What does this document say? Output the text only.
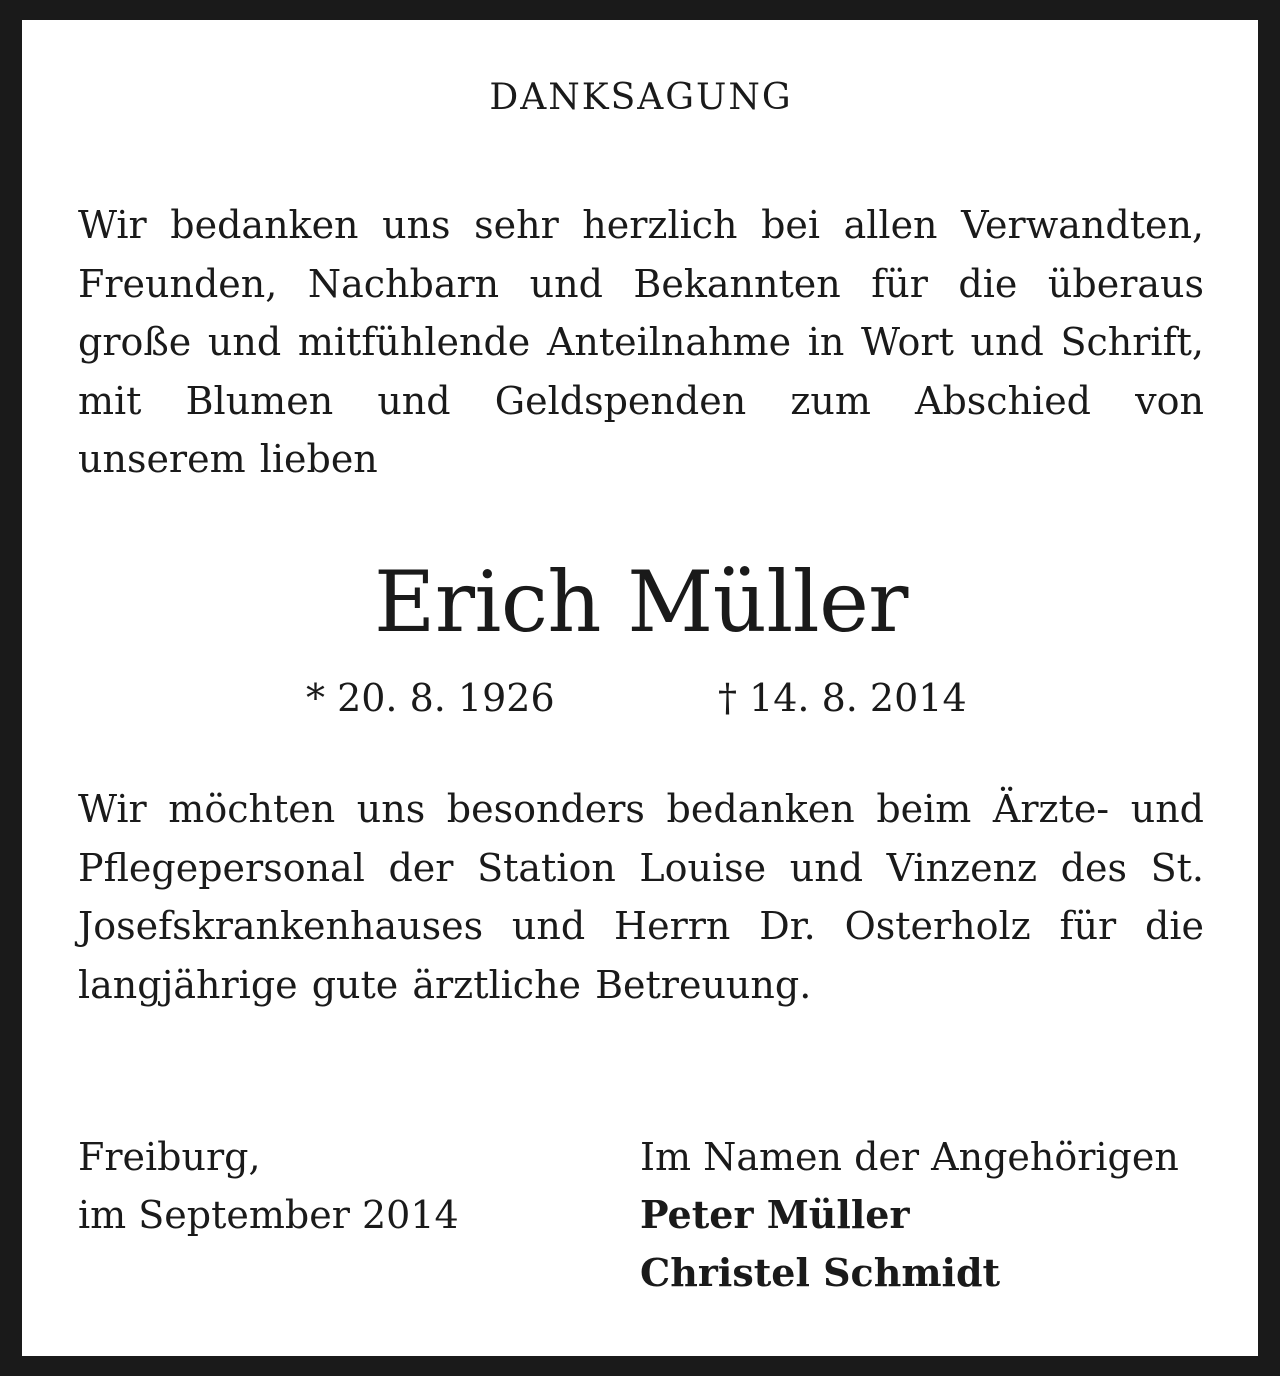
DANKSAGUNG
Wir bedanken uns sehr herzlich bei allen Verwandten, Freunden, Nachbarn und Bekannten für die überaus große und mitfühlende Anteilnahme in Wort und Schrift, mit Blumen und Geldspenden zum Abschied von unserem lieben
Erich Müller
* 20. 8. 1926	† 14. 8. 2014
Wir möchten uns besonders bedanken beim Ärzte- und Pflegepersonal der Station Louise und Vinzenz des St. Josefskrankenhauses und Herrn Dr. Osterholz für die langjährige gute ärztliche Betreuung.
Freiburg,
im September 2014
Im Namen der Angehörigen
Peter Müller
Christel Schmidt
